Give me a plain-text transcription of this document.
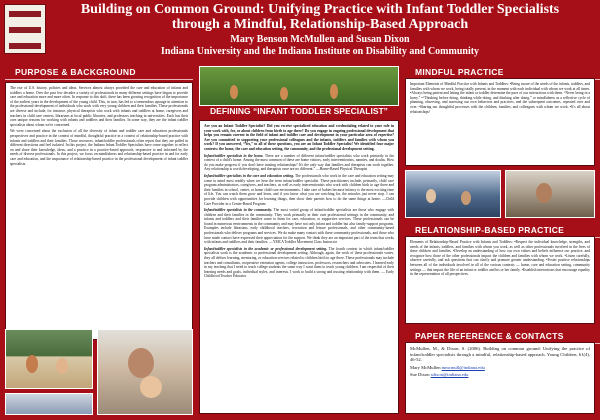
Building on Common Ground: Unifying Practice with Infant Toddler Specialists
through a Mindful, Relationship-Based Approach
Mary Benson McMullen and Susan Dixon
Indiana University and the Indiana Institute on Disability and Community
PURPOSE & BACKGROUND

The rise of U.S. history, policies and ideas. Services almost always provided the care and education of infants and toddlers a home. Over the past few decades a variety of professionals in many different settings have begun to provide care and education more and more often. In response to this shift, there has been growing recognition of the importance of the earliest years in the development of the young child. This, in turn, has led to a tremendous upsurge in attention to the professional development of individuals who work with very young children and their families. These professionals are diverse and include, for instance, physical therapists who work with infants and toddlers at home, caregivers and teachers in child care centers, librarians at local public libraries, and professors teaching in universities. Each has their own unique reasons for working with infants and toddlers and their families. In some way, they are the infant toddler specialists about whom we're concerned.

We were concerned about the exclusion of all the diversity of infant and toddler care and education professionals perspectives and practice in the context of mindful, thoughtful practice in a context of relationship-based practice with infants and toddlers and their families. Those resources, infant/toddler professionals often report that they are pulled in different directions and feel isolated. In this project, the Indiana Infant Toddler Specialists have come together to reflect on and share their knowledge, ideas, and a practice in a practice-based approach, responsive to and informed by the needs of diverse professionals. In this project, we focus on mindfulness and relationship-based practice in and for early care and education, and the importance of relationship-based practice in the professional development of infant toddler specialists.

DEFINING “INFANT TODDLER SPECIALIST”

Are you an Infant Toddler Specialist? Did you receive specialized education and credentialing related to your role in your work with, for, or about children from birth to age three? Do you engage in ongoing professional development that helps you remain current in the field of infant and toddler care and development in your particular area of expertise? Are you committed to supporting your professional colleagues and the infants, toddlers and families with whom you work? If you answered, “Yes,” to all of these questions, you are an Infant Toddler Specialist! We identified four major contexts: the home, the care and education setting, the community, and the professional development setting.

Infant/toddler specialists in the home. There are a number of different infant/toddler specialists who work primarily in the context of a child's home. Among the most common of these are home visitors, early interventionists, nannies, and doulas. How do you make progress if you don't have trusting relationships? It's the only way that families and therapists can work together. Any relationship is worth developing, and therapists once are no different.” —Home-Based Physical Therapist

Infant/toddler specialists in the care and education setting. The professionals who work in the care and education setting may come to mind most readily when we hear the term infant/toddler specialist. These practitioners include, primarily, child care program administrators, caregivers, and teachers, as well as early interventionists who work with children birth to age three and their families in school, center, or home child care environments. I take care of babies because infancy is the most exciting time of life. You can watch them grow and learn, and if you know what you are watching for, the miracles just never stop. I can provide children with opportunities for learning things, then show their parents how to do the same things at home. —Child Care Provider in a Center-Based Program

Infant/toddler specialists in the community. The most varied group of infant/toddler specialists are those who engage with children and their families in the community. They work primarily in their own professional settings in the community, and infants and toddlers and their families come to them for care, education, or supportive services. These professionals can be found in numerous environments in the community and may have not only infant and toddler but also family-support programs. Examples include librarians, early childhood teachers, recreation and leisure professionals, and other community-based professionals who deliver programs and services. We do make many contact with these community professionals, and those who have made contact have expressed their appreciation for the support. We think they are an important part of the team that works with infants and toddlers and their families. —YMCA Toddler Movement Class Instructor

Infant/toddler specialists in the academic or professional development setting. The fourth context in which infant/toddler specialists work is the academic or professional development setting. Although, again, the work of these professionals varies, they all deliver learning, mentoring, or education services related to children birth to age three. These professionals may include teachers and consultants, cooperative extension agents, college instructors, professors, researchers and advocates. I learned early in my teaching that I need to teach college students the same way I want them to teach young children. I am respectful of their learning needs and goals, individual styles, and interests. I work to build a strong and trusting relationship with them. — Early Childhood Teacher Educator

MINDFUL PRACTICE

Important Elements of Mindful Practice with Infants and Toddlers: •Being aware of the needs of the infants, toddlers, and families with whom we work, being totally present, in the moment with each individual with whom we work at all times. •Always being patient and letting the infant or toddler determine the pace of our interactions with them. “Never being in a hurry.” •“Thinking before doing, thinking while doing, and thinking after doing,” or mindfulness as a reflective cycle of planning, observing, and assessing our own behaviors and practices, and the subsequent outcomes, repeated over and over. •Sharing our thoughtful processes with the children, families, and colleagues with whom we work. •It's all about relationships!

RELATIONSHIP-BASED PRACTICE

Elements of Relationship-Based Practice with Infants and Toddlers: •Respect the individual knowledge, strengths, and needs of the infants, toddlers, and families with whom you work, as well as other professionals involved in the lives of these children and families. •Develop an understanding of how our own values and beliefs influence our practice, and recognize how those of the other professionals impact the children and families with whom we work. •Listen carefully, observe carefully, and ask questions that can clarify and promote greater understanding. •Foster positive relationships between all of the individuals involved in all of the various contexts — home, care and education setting, community settings — that impact the life of an infant or toddler and his or her family. •Establish interactions that encourage equality in the representation of all perspectives.

PAPER REFERENCE & CONTACTS

McMullen, M., & Dixon, S. (2006). Building on common ground: Unifying the practice of infant/toddler specialists through a mindful, relationship-based approach. Young Children, 61(4), 46-52.

Mary McMullen mmcmull@indiana.edu

Sue Dixon sdixon@indiana.edu
